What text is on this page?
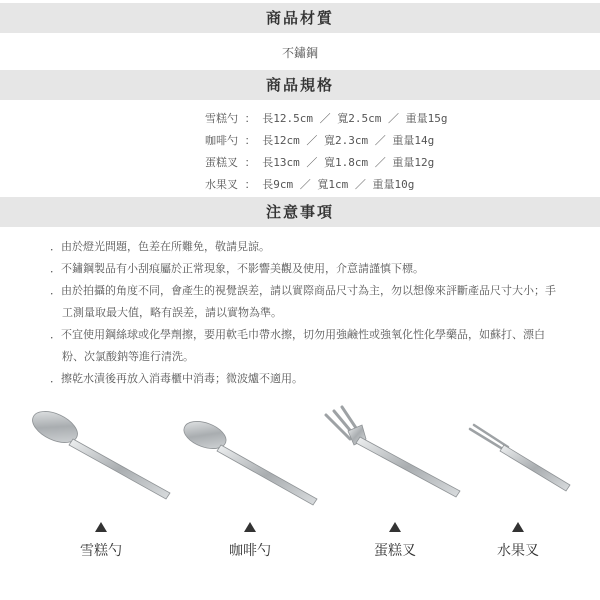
商品材質
不鏽鋼
商品規格
雪糕勺 ： 長12.5cm ／ 寬2.5cm ／ 重量15g
咖啡勺 ： 長12cm ／ 寬2.3cm ／ 重量14g
蛋糕叉 ： 長13cm ／ 寬1.8cm ／ 重量12g
水果叉 ： 長9cm ／ 寬1cm ／ 重量10g
注意事項
．由於燈光問題，色差在所難免，敬請見諒。
．不鏽鋼製品有小刮痕屬於正常現象，不影響美觀及使用，介意請謹慎下標。
．由於拍攝的角度不同，會產生的視覺誤差，請以實際商品尺寸為主，勿以想像來評斷產品尺寸大小；手工測量取最大值，略有誤差，請以實物為準。
．不宜使用鋼絲球或化學劑擦，要用軟毛巾帶水擦，切勿用強鹼性或強氧化性化學藥品，如蘇打、漂白粉、次氯酸鈉等進行清洗。
．擦乾水漬後再放入消毒櫃中消毒；微波爐不適用。
雪糕勺	咖啡勺	蛋糕叉	水果叉
